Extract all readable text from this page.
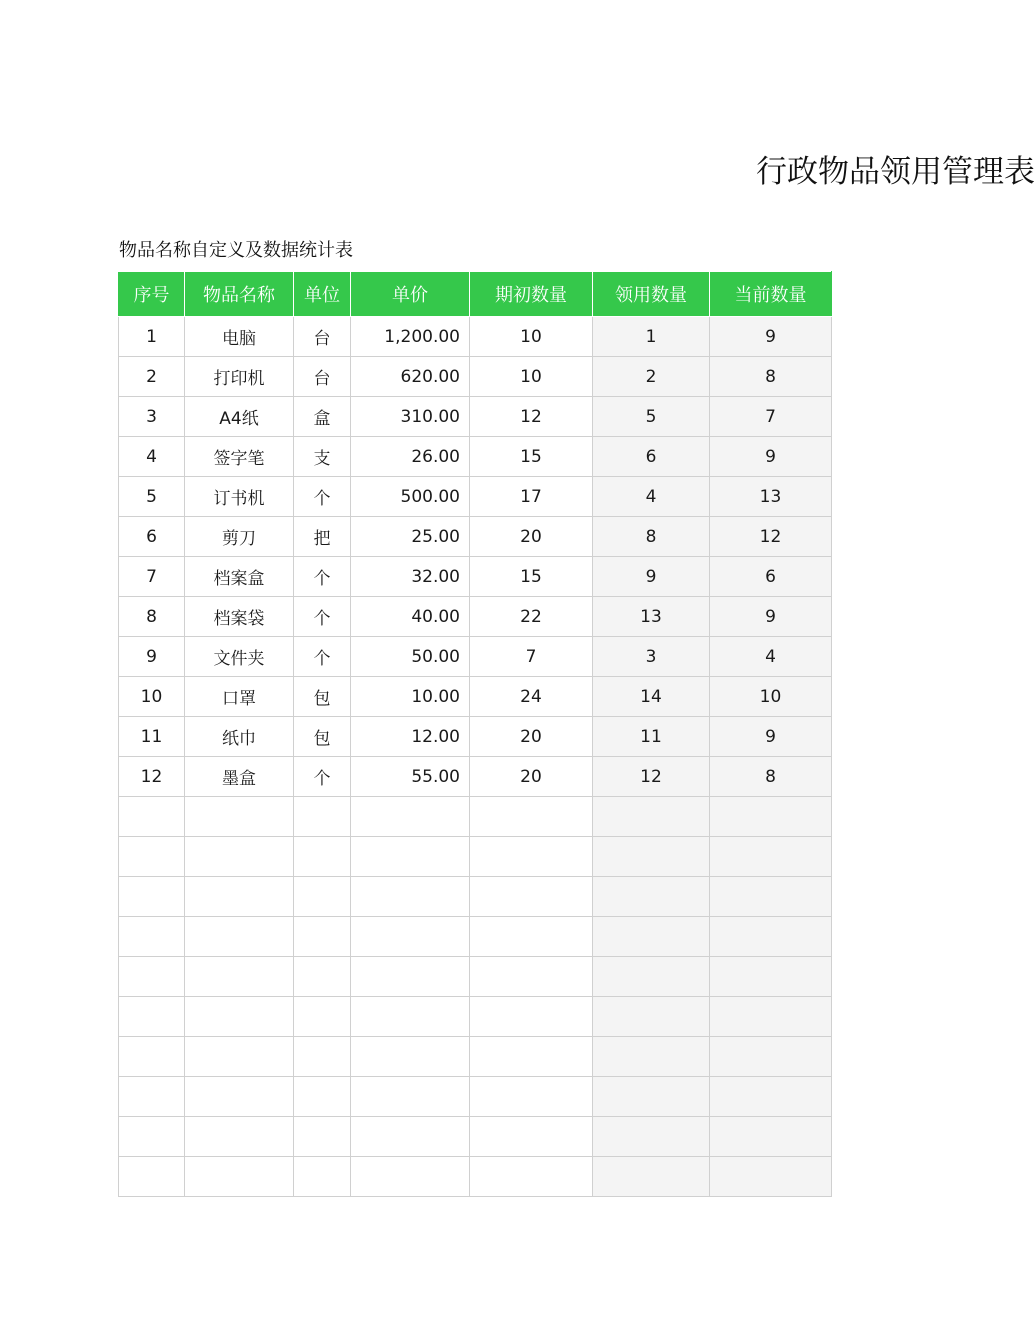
行政物品领用管理表
物品名称自定义及数据统计表
序号	物品名称	单位	单价	期初数量	领用数量	当前数量
1	电脑	台	1,200.00	10	1	9
2	打印机	台	620.00	10	2	8
3	A4纸	盒	310.00	12	5	7
4	签字笔	支	26.00	15	6	9
5	订书机	个	500.00	17	4	13
6	剪刀	把	25.00	20	8	12
7	档案盒	个	32.00	15	9	6
8	档案袋	个	40.00	22	13	9
9	文件夹	个	50.00	7	3	4
10	口罩	包	10.00	24	14	10
11	纸巾	包	12.00	20	11	9
12	墨盒	个	55.00	20	12	8
